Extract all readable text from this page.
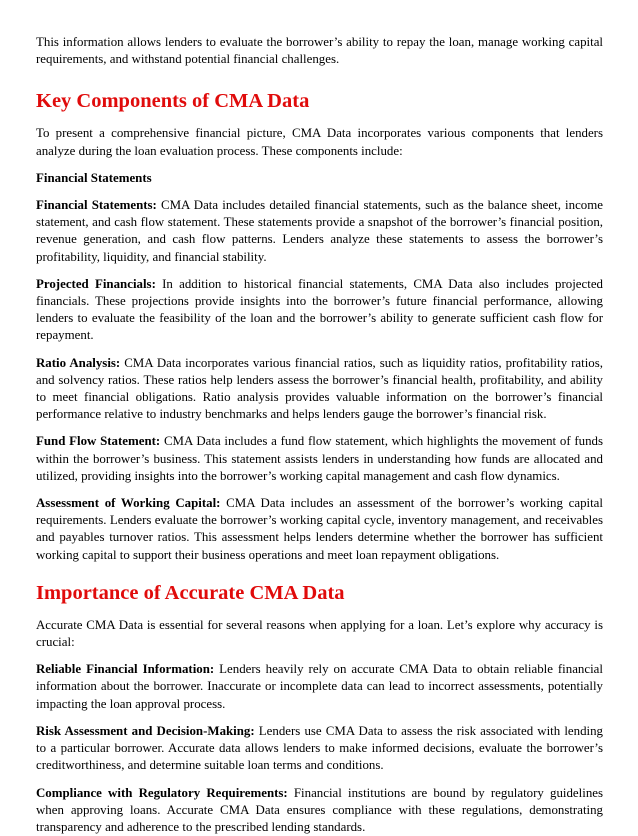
This information allows lenders to evaluate the borrower’s ability to repay the loan, manage working capital requirements, and withstand potential financial challenges.

Key Components of CMA Data

To present a comprehensive financial picture, CMA Data incorporates various components that lenders analyze during the loan evaluation process. These components include:

Financial Statements

Financial Statements: CMA Data includes detailed financial statements, such as the balance sheet, income statement, and cash flow statement. These statements provide a snapshot of the borrower’s financial position, revenue generation, and cash flow patterns. Lenders analyze these statements to assess the borrower’s profitability, liquidity, and financial stability.

Projected Financials: In addition to historical financial statements, CMA Data also includes projected financials. These projections provide insights into the borrower’s future financial performance, allowing lenders to evaluate the feasibility of the loan and the borrower’s ability to generate sufficient cash flow for repayment.

Ratio Analysis: CMA Data incorporates various financial ratios, such as liquidity ratios, profitability ratios, and solvency ratios. These ratios help lenders assess the borrower’s financial health, profitability, and ability to meet financial obligations. Ratio analysis provides valuable information on the borrower’s financial performance relative to industry benchmarks and helps lenders gauge the borrower’s financial risk.

Fund Flow Statement: CMA Data includes a fund flow statement, which highlights the movement of funds within the borrower’s business. This statement assists lenders in understanding how funds are allocated and utilized, providing insights into the borrower’s working capital management and cash flow dynamics.

Assessment of Working Capital: CMA Data includes an assessment of the borrower’s working capital requirements. Lenders evaluate the borrower’s working capital cycle, inventory management, and receivables and payables turnover ratios. This assessment helps lenders determine whether the borrower has sufficient working capital to support their business operations and meet loan repayment obligations.

Importance of Accurate CMA Data

Accurate CMA Data is essential for several reasons when applying for a loan. Let’s explore why accuracy is crucial:

Reliable Financial Information: Lenders heavily rely on accurate CMA Data to obtain reliable financial information about the borrower. Inaccurate or incomplete data can lead to incorrect assessments, potentially impacting the loan approval process.

Risk Assessment and Decision-Making: Lenders use CMA Data to assess the risk associated with lending to a particular borrower. Accurate data allows lenders to make informed decisions, evaluate the borrower’s creditworthiness, and determine suitable loan terms and conditions.

Compliance with Regulatory Requirements: Financial institutions are bound by regulatory guidelines when approving loans. Accurate CMA Data ensures compliance with these regulations, demonstrating transparency and adherence to the prescribed lending standards.
